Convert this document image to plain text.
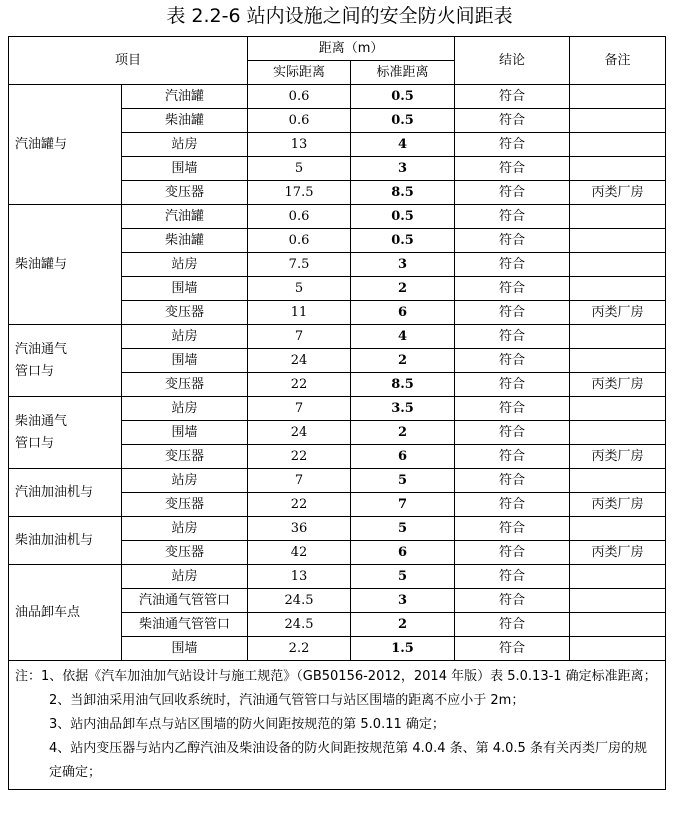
表 2.2-6 站内设施之间的安全防火间距表
项目		距离（m）		结论	备注
		实际距离	标准距离		
汽油罐与	汽油罐	0.6	0.5	符合	
	柴油罐	0.6	0.5	符合	
	站房	13	4	符合	
	围墙	5	3	符合	
	变压器	17.5	8.5	符合	丙类厂房
柴油罐与	汽油罐	0.6	0.5	符合	
	柴油罐	0.6	0.5	符合	
	站房	7.5	3	符合	
	围墙	5	2	符合	
	变压器	11	6	符合	丙类厂房
汽油通气
管口与	站房	7	4	符合	
	围墙	24	2	符合	
	变压器	22	8.5	符合	丙类厂房
柴油通气
管口与	站房	7	3.5	符合	
	围墙	24	2	符合	
	变压器	22	6	符合	丙类厂房
汽油加油机与	站房	7	5	符合	
	变压器	22	7	符合	丙类厂房
柴油加油机与	站房	36	5	符合	
	变压器	42	6	符合	丙类厂房
油品卸车点	站房	13	5	符合	
	汽油通气管管口	24.5	3	符合	
	柴油通气管管口	24.5	2	符合	
	围墙	2.2	1.5	符合	

注：1、依据《汽车加油加气站设计与施工规范》（GB50156-2012，2014 年版）表 5.0.13-1 确定标准距离；
2、当卸油采用油气回收系统时，汽油通气管管口与站区围墙的距离不应小于 2m；
3、站内油品卸车点与站区围墙的防火间距按规范的第 5.0.11 确定；
4、站内变压器与站内乙醇汽油及柴油设备的防火间距按规范第 4.0.4 条、第 4.0.5 条有关丙类厂房的规定确定；					
